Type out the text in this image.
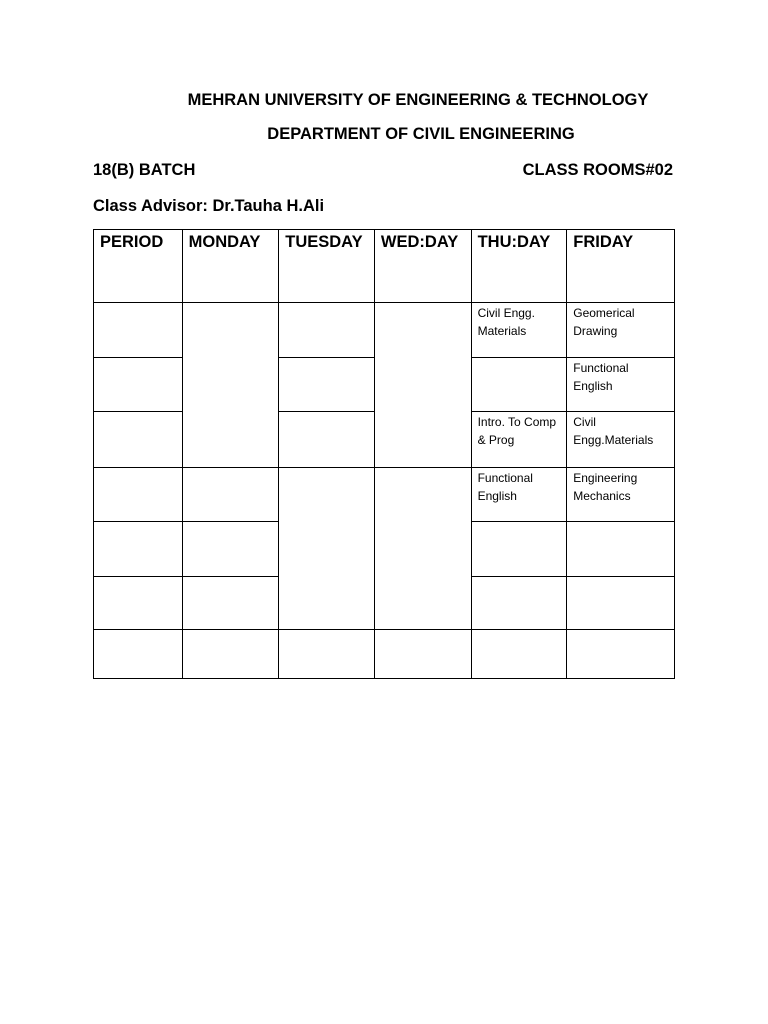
MEHRAN UNIVERSITY OF ENGINEERING & TECHNOLOGY
DEPARTMENT OF CIVIL ENGINEERING
18(B) BATCH	CLASS ROOMS#02
Class Advisor: Dr.Tauha H.Ali
PERIOD	MONDAY	TUESDAY	WED:DAY	THU:DAY	FRIDAY
				Civil Engg. Materials	Geomerical Drawing
					Functional English
				Intro. To Comp & Prog	Civil Engg.Materials
				Functional English	Engineering Mechanics
